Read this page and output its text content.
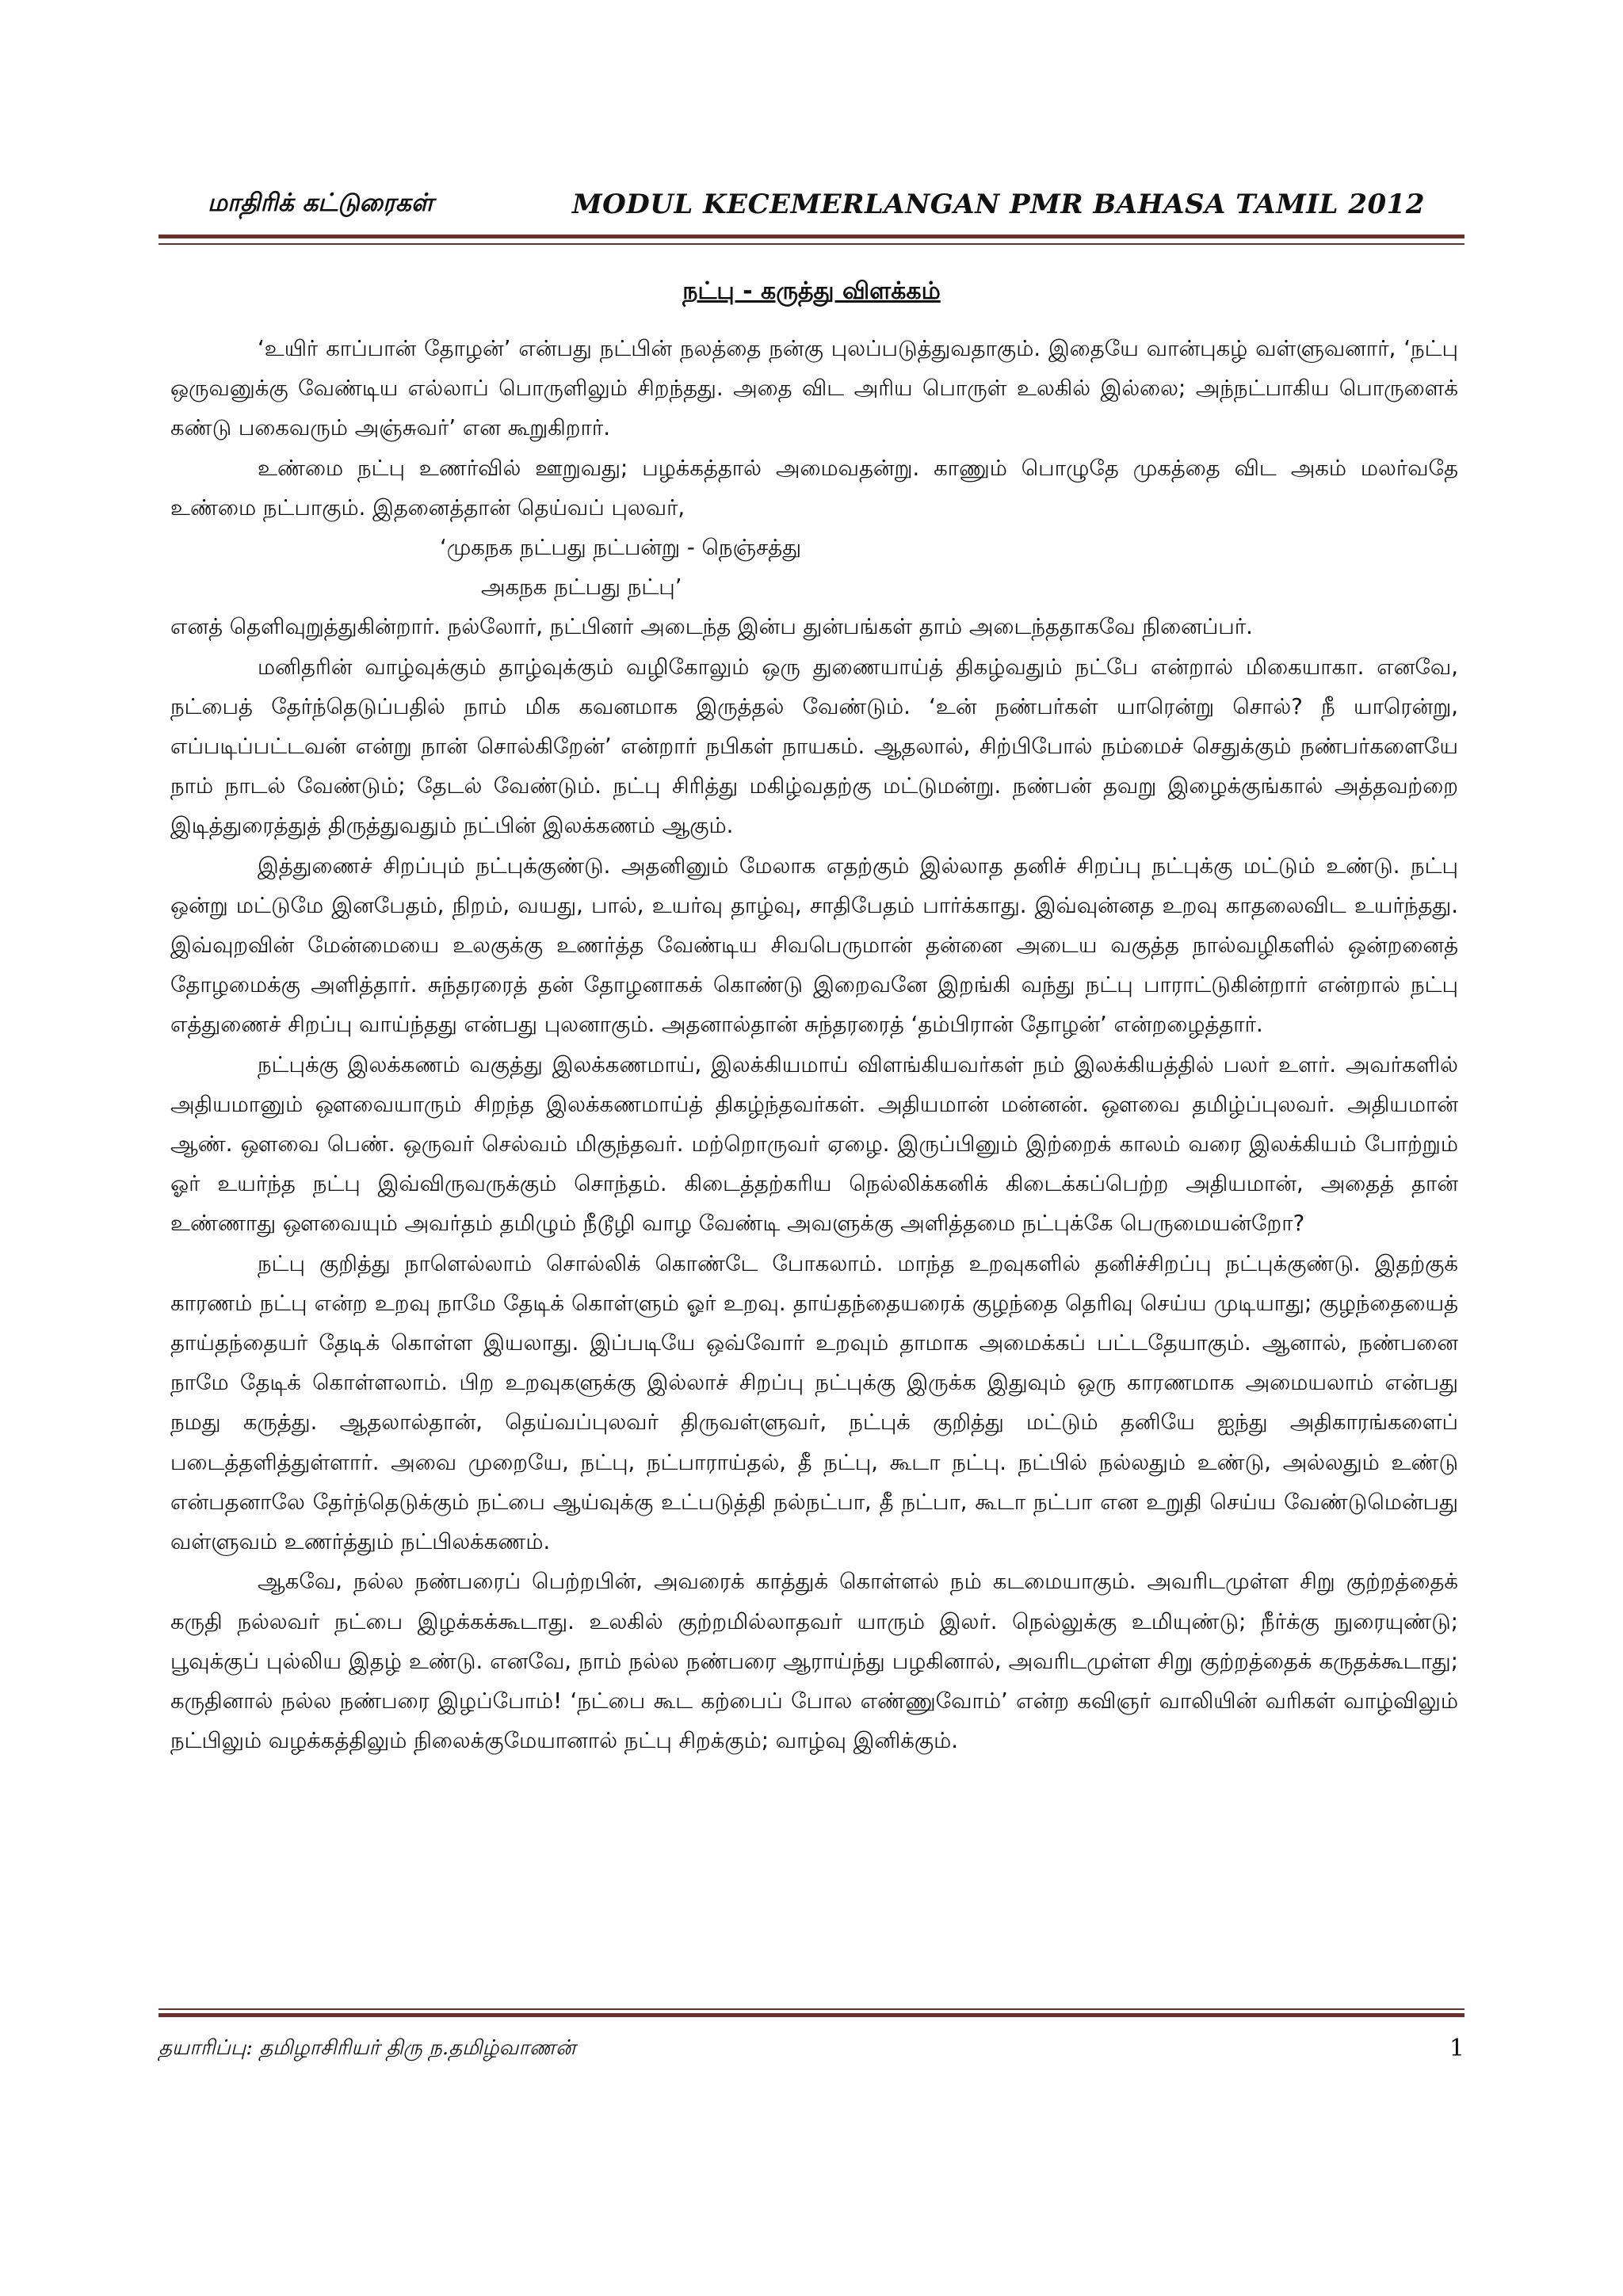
மாதிரிக் கட்டுரைகள்	MODUL KECEMERLANGAN PMR BAHASA TAMIL 2012
நட்பு - கருத்து விளக்கம்

‘உயிர் காப்பான் தோழன்’ என்பது நட்பின் நலத்தை நன்கு புலப்படுத்துவதாகும். இதையே வான்புகழ் வள்ளுவனார், ‘நட்பு ஒருவனுக்கு வேண்டிய எல்லாப் பொருளிலும் சிறந்தது. அதை விட அரிய பொருள் உலகில் இல்லை; அந்நட்பாகிய பொருளைக் கண்டு பகைவரும் அஞ்சுவர்’ என கூறுகிறார்.

உண்மை நட்பு உணர்வில் ஊறுவது; பழக்கத்தால் அமைவதன்று. காணும் பொழுதே முகத்தை விட அகம் மலர்வதே உண்மை நட்பாகும். இதனைத்தான் தெய்வப் புலவர்,

‘முகநக நட்பது நட்பன்று - நெஞ்சத்து
அகநக நட்பது நட்பு’

எனத் தெளிவுறுத்துகின்றார். நல்லோர், நட்பினர் அடைந்த இன்ப துன்பங்கள் தாம் அடைந்ததாகவே நினைப்பர்.

மனிதரின் வாழ்வுக்கும் தாழ்வுக்கும் வழிகோலும் ஒரு துணையாய்த் திகழ்வதும் நட்பே என்றால் மிகையாகா. எனவே, நட்பைத் தேர்ந்தெடுப்பதில் நாம் மிக கவனமாக இருத்தல் வேண்டும். ‘உன் நண்பர்கள் யாரென்று சொல்? நீ யாரென்று, எப்படிப்பட்டவன் என்று நான் சொல்கிறேன்’ என்றார் நபிகள் நாயகம். ஆதலால், சிற்பிபோல் நம்மைச் செதுக்கும் நண்பர்களையே நாம் நாடல் வேண்டும்; தேடல் வேண்டும். நட்பு சிரித்து மகிழ்வதற்கு மட்டுமன்று. நண்பன் தவறு இழைக்குங்கால் அத்தவற்றை இடித்துரைத்துத் திருத்துவதும் நட்பின் இலக்கணம் ஆகும்.

இத்துணைச் சிறப்பும் நட்புக்குண்டு. அதனினும் மேலாக எதற்கும் இல்லாத தனிச் சிறப்பு நட்புக்கு மட்டும் உண்டு. நட்பு ஒன்று மட்டுமே இனபேதம், நிறம், வயது, பால், உயர்வு தாழ்வு, சாதிபேதம் பார்க்காது. இவ்வுன்னத உறவு காதலைவிட உயர்ந்தது. இவ்வுறவின் மேன்மையை உலகுக்கு உணர்த்த வேண்டிய சிவபெருமான் தன்னை அடைய வகுத்த நால்வழிகளில் ஒன்றனைத் தோழமைக்கு அளித்தார். சுந்தரரைத் தன் தோழனாகக் கொண்டு இறைவனே இறங்கி வந்து நட்பு பாராட்டுகின்றார் என்றால் நட்பு எத்துணைச் சிறப்பு வாய்ந்தது என்பது புலனாகும். அதனால்தான் சுந்தரரைத் ‘தம்பிரான் தோழன்’ என்றழைத்தார்.

நட்புக்கு இலக்கணம் வகுத்து இலக்கணமாய், இலக்கியமாய் விளங்கியவர்கள் நம் இலக்கியத்தில் பலர் உளர். அவர்களில் அதியமானும் ஔவையாரும் சிறந்த இலக்கணமாய்த் திகழ்ந்தவர்கள். அதியமான் மன்னன். ஔவை தமிழ்ப்புலவர். அதியமான் ஆண். ஔவை பெண். ஒருவர் செல்வம் மிகுந்தவர். மற்றொருவர் ஏழை. இருப்பினும் இற்றைக் காலம் வரை இலக்கியம் போற்றும் ஓர் உயர்ந்த நட்பு இவ்விருவருக்கும் சொந்தம். கிடைத்தற்கரிய நெல்லிக்கனிக் கிடைக்கப்பெற்ற அதியமான், அதைத் தான் உண்ணாது ஔவையும் அவர்தம் தமிழும் நீடூழி வாழ வேண்டி அவளுக்கு அளித்தமை நட்புக்கே பெருமையன்றோ?

நட்பு குறித்து நாளெல்லாம் சொல்லிக் கொண்டே போகலாம். மாந்த உறவுகளில் தனிச்சிறப்பு நட்புக்குண்டு. இதற்குக் காரணம் நட்பு என்ற உறவு நாமே தேடிக் கொள்ளும் ஓர் உறவு. தாய்தந்தையரைக் குழந்தை தெரிவு செய்ய முடியாது; குழந்தையைத் தாய்தந்தையர் தேடிக் கொள்ள இயலாது. இப்படியே ஒவ்வோர் உறவும் தாமாக அமைக்கப் பட்டதேயாகும். ஆனால், நண்பனை நாமே தேடிக் கொள்ளலாம். பிற உறவுகளுக்கு இல்லாச் சிறப்பு நட்புக்கு இருக்க இதுவும் ஒரு காரணமாக அமையலாம் என்பது நமது கருத்து. ஆதலால்தான், தெய்வப்புலவர் திருவள்ளுவர், நட்புக் குறித்து மட்டும் தனியே ஐந்து அதிகாரங்களைப் படைத்தளித்துள்ளார். அவை முறையே, நட்பு, நட்பாராய்தல், தீ நட்பு, கூடா நட்பு. நட்பில் நல்லதும் உண்டு, அல்லதும் உண்டு என்பதனாலே தேர்ந்தெடுக்கும் நட்பை ஆய்வுக்கு உட்படுத்தி நல்நட்பா, தீ நட்பா, கூடா நட்பா என உறுதி செய்ய வேண்டுமென்பது வள்ளுவம் உணர்த்தும் நட்பிலக்கணம்.

ஆகவே, நல்ல நண்பரைப் பெற்றபின், அவரைக் காத்துக் கொள்ளல் நம் கடமையாகும். அவரிடமுள்ள சிறு குற்றத்தைக் கருதி நல்லவர் நட்பை இழக்கக்கூடாது. உலகில் குற்றமில்லாதவர் யாரும் இலர். நெல்லுக்கு உமியுண்டு; நீர்க்கு நுரையுண்டு; பூவுக்குப் புல்லிய இதழ் உண்டு. எனவே, நாம் நல்ல நண்பரை ஆராய்ந்து பழகினால், அவரிடமுள்ள சிறு குற்றத்தைக் கருதக்கூடாது; கருதினால் நல்ல நண்பரை இழப்போம்! ‘நட்பை கூட கற்பைப் போல எண்ணுவோம்’ என்ற கவிஞர் வாலியின் வரிகள் வாழ்விலும் நட்பிலும் வழக்கத்திலும் நிலைக்குமேயானால் நட்பு சிறக்கும்; வாழ்வு இனிக்கும்.

தயாரிப்பு: தமிழாசிரியர் திரு ந.தமிழ்வாணன்	1
